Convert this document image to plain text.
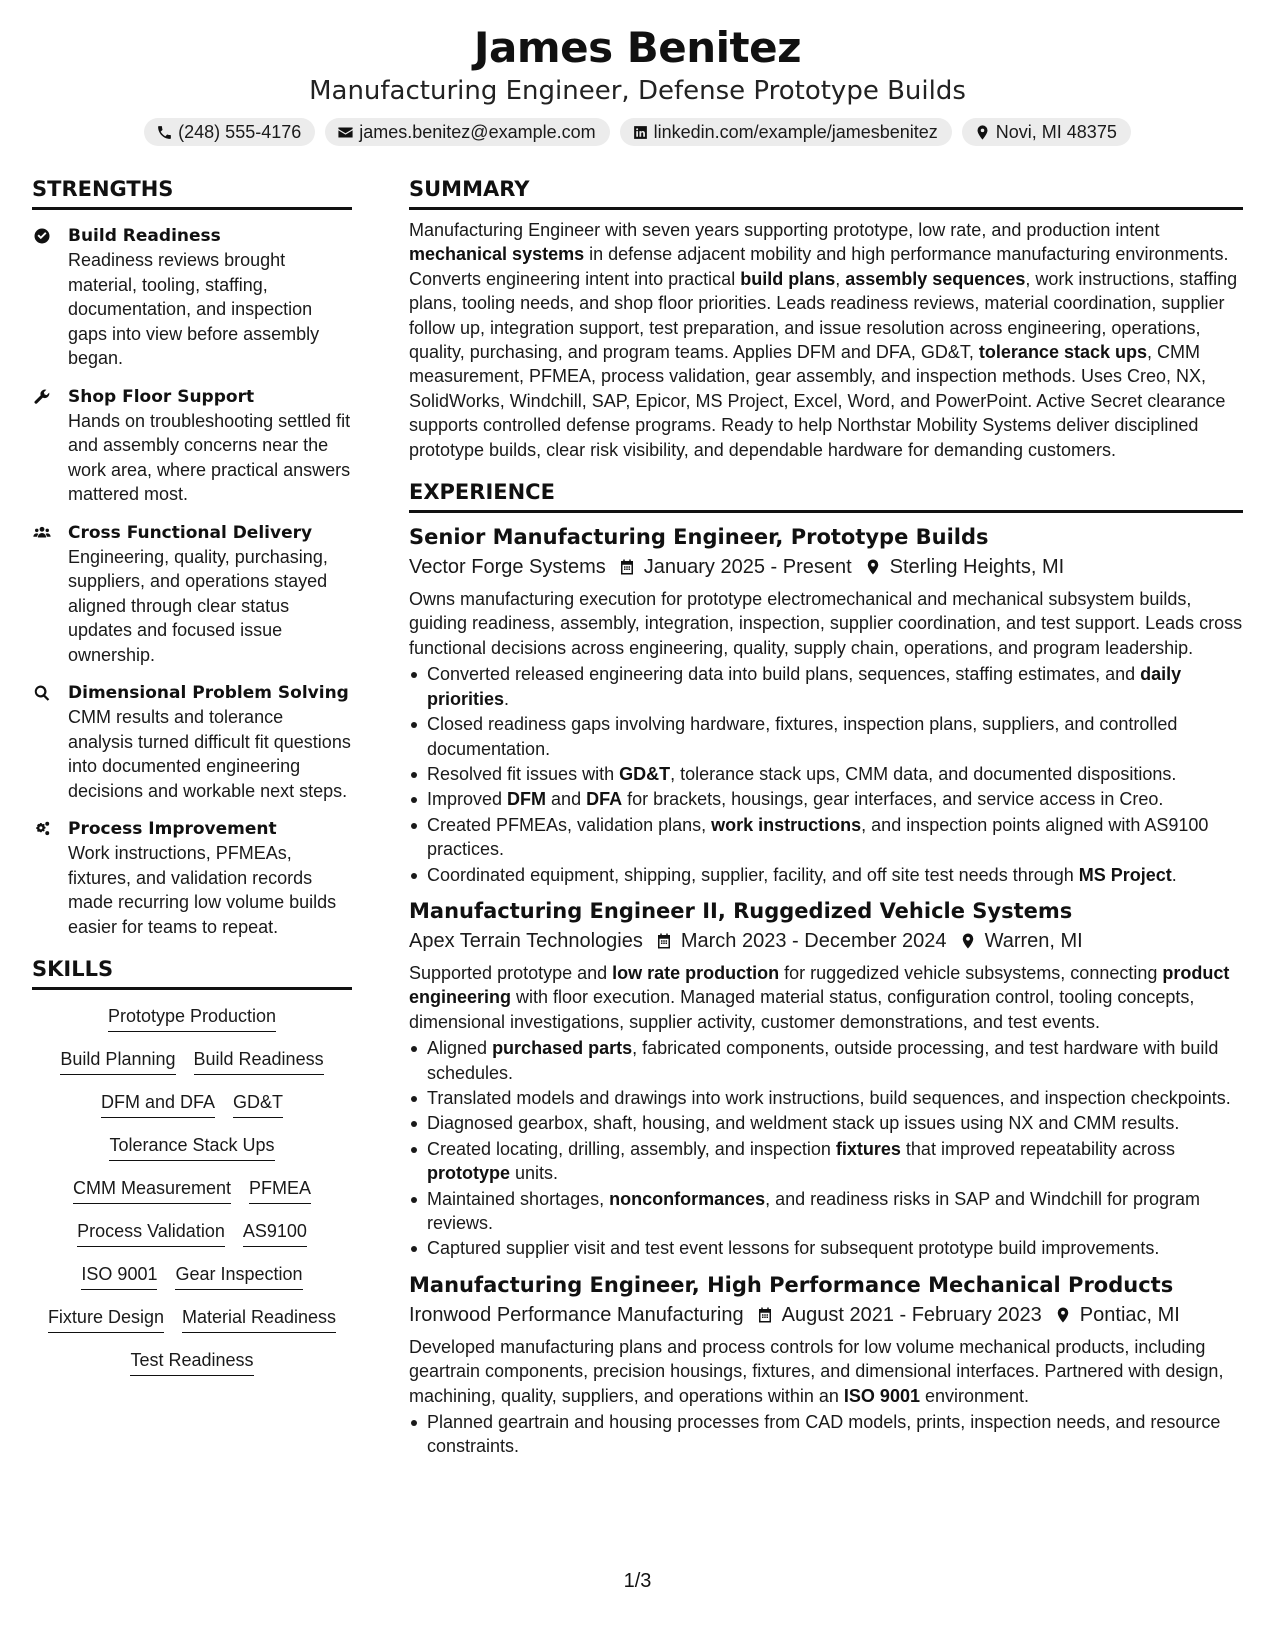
James Benitez
Manufacturing Engineer, Defense Prototype Builds
(248) 555-4176	james.benitez@example.com	linkedin.com/example/jamesbenitez	Novi, MI 48375
STRENGTHS
Build Readiness
Readiness reviews brought material, tooling, staffing, documentation, and inspection gaps into view before assembly began.
Shop Floor Support
Hands on troubleshooting settled fit and assembly concerns near the work area, where practical answers mattered most.
Cross Functional Delivery
Engineering, quality, purchasing, suppliers, and operations stayed aligned through clear status updates and focused issue ownership.
Dimensional Problem Solving
CMM results and tolerance analysis turned difficult fit questions into documented engineering decisions and workable next steps.
Process Improvement
Work instructions, PFMEAs, fixtures, and validation records made recurring low volume builds easier for teams to repeat.
SKILLS
Prototype Production
Build Planning Build Readiness
DFM and DFA GD&T
Tolerance Stack Ups
CMM Measurement PFMEA
Process Validation AS9100
ISO 9001 Gear Inspection
Fixture Design Material Readiness
Test Readiness
SUMMARY
Manufacturing Engineer with seven years supporting prototype, low rate, and production intent mechanical systems in defense adjacent mobility and high performance manufacturing environments. Converts engineering intent into practical build plans, assembly sequences, work instructions, staffing plans, tooling needs, and shop floor priorities. Leads readiness reviews, material coordination, supplier follow up, integration support, test preparation, and issue resolution across engineering, operations, quality, purchasing, and program teams. Applies DFM and DFA, GD&T, tolerance stack ups, CMM measurement, PFMEA, process validation, gear assembly, and inspection methods. Uses Creo, NX, SolidWorks, Windchill, SAP, Epicor, MS Project, Excel, Word, and PowerPoint. Active Secret clearance supports controlled defense programs. Ready to help Northstar Mobility Systems deliver disciplined prototype builds, clear risk visibility, and dependable hardware for demanding customers.
EXPERIENCE
Senior Manufacturing Engineer, Prototype Builds
Vector Forge Systems January 2025 - Present Sterling Heights, MI
Owns manufacturing execution for prototype electromechanical and mechanical subsystem builds, guiding readiness, assembly, integration, inspection, supplier coordination, and test support. Leads cross functional decisions across engineering, quality, supply chain, operations, and program leadership.
Converted released engineering data into build plans, sequences, staffing estimates, and daily priorities.
Closed readiness gaps involving hardware, fixtures, inspection plans, suppliers, and controlled documentation.
Resolved fit issues with GD&T, tolerance stack ups, CMM data, and documented dispositions.
Improved DFM and DFA for brackets, housings, gear interfaces, and service access in Creo.
Created PFMEAs, validation plans, work instructions, and inspection points aligned with AS9100 practices.
Coordinated equipment, shipping, supplier, facility, and off site test needs through MS Project.
Manufacturing Engineer II, Ruggedized Vehicle Systems
Apex Terrain Technologies March 2023 - December 2024 Warren, MI
Supported prototype and low rate production for ruggedized vehicle subsystems, connecting product engineering with floor execution. Managed material status, configuration control, tooling concepts, dimensional investigations, supplier activity, customer demonstrations, and test events.
Aligned purchased parts, fabricated components, outside processing, and test hardware with build schedules.
Translated models and drawings into work instructions, build sequences, and inspection checkpoints.
Diagnosed gearbox, shaft, housing, and weldment stack up issues using NX and CMM results.
Created locating, drilling, assembly, and inspection fixtures that improved repeatability across prototype units.
Maintained shortages, nonconformances, and readiness risks in SAP and Windchill for program reviews.
Captured supplier visit and test event lessons for subsequent prototype build improvements.
Manufacturing Engineer, High Performance Mechanical Products
Ironwood Performance Manufacturing August 2021 - February 2023 Pontiac, MI
Developed manufacturing plans and process controls for low volume mechanical products, including geartrain components, precision housings, fixtures, and dimensional interfaces. Partnered with design, machining, quality, suppliers, and operations within an ISO 9001 environment.
Planned geartrain and housing processes from CAD models, prints, inspection needs, and resource constraints.
1/3
